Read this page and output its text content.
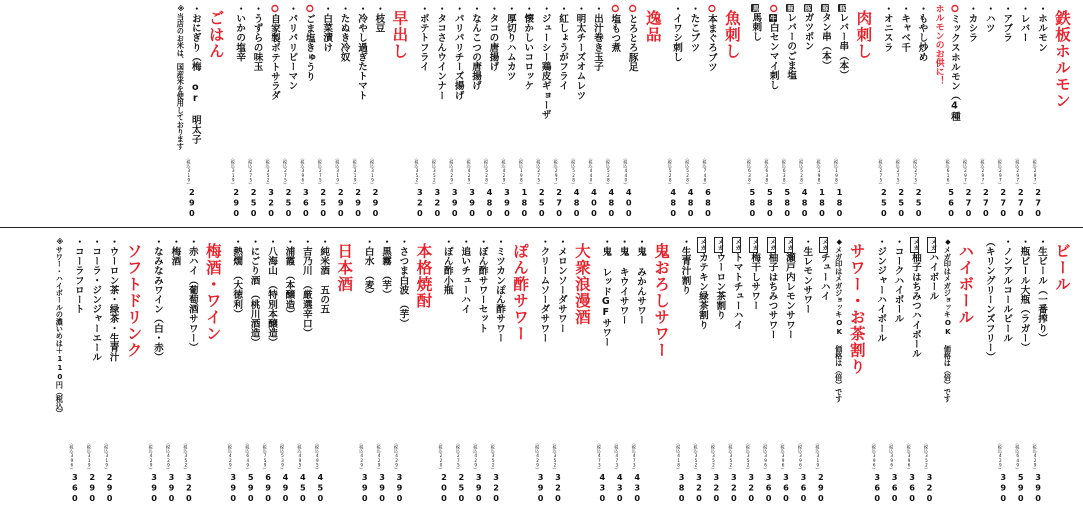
鉄板ホルモン
・ホルモン
（税込297）
270
・レバー
（税込297）
270
・アブラ
（税込297）
270
・ハツ
（税込297）
270
・カシラ
（税込297）
270
⭘ミックスホルモン（4種
（税込616）
560
ホルモンのお供に！
・もやし炒め
（税込275）
250
・キャベ千
（税込275）
250
・オニスラ
（税込275）
250
肉刺し
豚レバー串（本）
（税込198）
180
豚タン串（本）
（税込198）
180
豚ガツポン
（税込528）
480
豚レバーのごま塩
（税込638）
580
⭘牛白センマイ刺し
（税込638）
580
馬馬刺し
（税込638）
580
魚刺し
⭘本まぐろブツ
（税込748）
680
・たこブツ
（税込528）
480
・イワシ刺し
（税込528）
480
逸品
⭘とろとろ豚足
（税込440）
400
⭘塩もつ煮
（税込528）
480
・出汁巻き玉子
（税込440）
400
・明太チーズオムレツ
（税込528）
480
・紅しょうがフライ
（税込297）
270
・ジューシー鶏皮ギョーザ
（税込275）
250
・懐かしいコロッケ
（税込198）
180
・厚切りハムカツ
（税込429）
390
・タコの唐揚げ
（税込528）
480
・なんこつの唐揚げ
（税込429）
390
・パリパリチーズ揚げ
（税込429）
390
・タコさんウインナー
（税込352）
320
・ポテトフライ
（税込352）
320
早出し
・枝豆
（税込319）
290
・冷やし過ぎたトマト
（税込319）
290
・たぬき冷奴
（税込319）
290
・白菜漬け
（税込275）
250
⭘ごま塩きゅうり
（税込396）
360
・パリパリピーマン
（税込275）
250
⭘自家製ポテトサラダ
（税込352）
320
・うずらの味玉
（税込275）
250
・いかの塩辛
（税込319）
290
ごはん
・おにぎり（梅 or 明太子
（税込319）
290
※当店のお米は、国産米を使用しております
ビール
・生ビール（一番搾り）
（税込429）
390
・瓶ビール大瓶（ラガー）
（税込649）
590
・ノンアルコールビール
（税込429）
390
（キリングリーンズフリー）
ハイボール
◆メガ印はメガジョッキOK 価格は（倍）です
メガハイボール
（税込352）
320
メガ柚子はちみつハイボール
（税込396）
360
・コークハイボール
（税込396）
360
・ジンジャーハイボール
（税込396）
360
サワー・お茶割り
◆メガ印はメガジョッキOK 価格は（倍）です
メガチューハイ
（税込319）
290
・生レモンサワー
（税込396）
360
メガ瀬戸内レモンサワー
（税込396）
360
メガ柚子はちみつサワー
（税込396）
360
メガ梅干しサワー
（税込352）
320
メガトマトチューハイ
（税込352）
320
メガウーロン茶割り
（税込352）
320
メガカテキン緑茶割り
（税込352）
320
・生青汁割り
（税込418）
380
鬼おろしサワー
・鬼 みかんサワー
（税込473）
430
・鬼 キウイサワー
（税込473）
430
・鬼 レッドGFサワー
（税込473）
430
大衆浪漫酒
・メロンソーダサワー
（税込352）
320
・クリームソーダサワー
（税込429）
390
ぽん酢サワー
・ミツカンぽん酢サワー
（税込352）
320
・ぽん酢サワーセット
（税込429）
390
・追いチューハイ
（税込275）
250
・ぽん酢小瓶
（税込220）
200
本格焼酎
・さつま白波　（芋）
（税込429）
390
・黒霧　（芋）
（税込429）
390
・白水　（麦）
（税込429）
390
日本酒
・純米酒　五の五
（税込495）
450
・吉乃川　（厳選辛口）
（税込495）
450
・浦霞　（本醸造）
（税込539）
490
・八海山　（特別本醸造）
（税込759）
690
・にごり酒　（桃川酒造）
（税込649）
590
・熱燗　（大徳利）
（税込429）
390
梅酒・ワイン
・赤ハイ（葡萄酒サワー）
（税込352）
320
・梅酒
（税込429）
390
・なみなみワイン（白・赤）
（税込429）
390
ソフトドリンク
・ウーロン茶・緑茶・生青汁
（税込319）
290
・コーラ・ジンジャーエール
（税込319）
290
・コーラフロート
（税込396）
360
※サワー・ハイボールの濃いめは＋110円（税込）
